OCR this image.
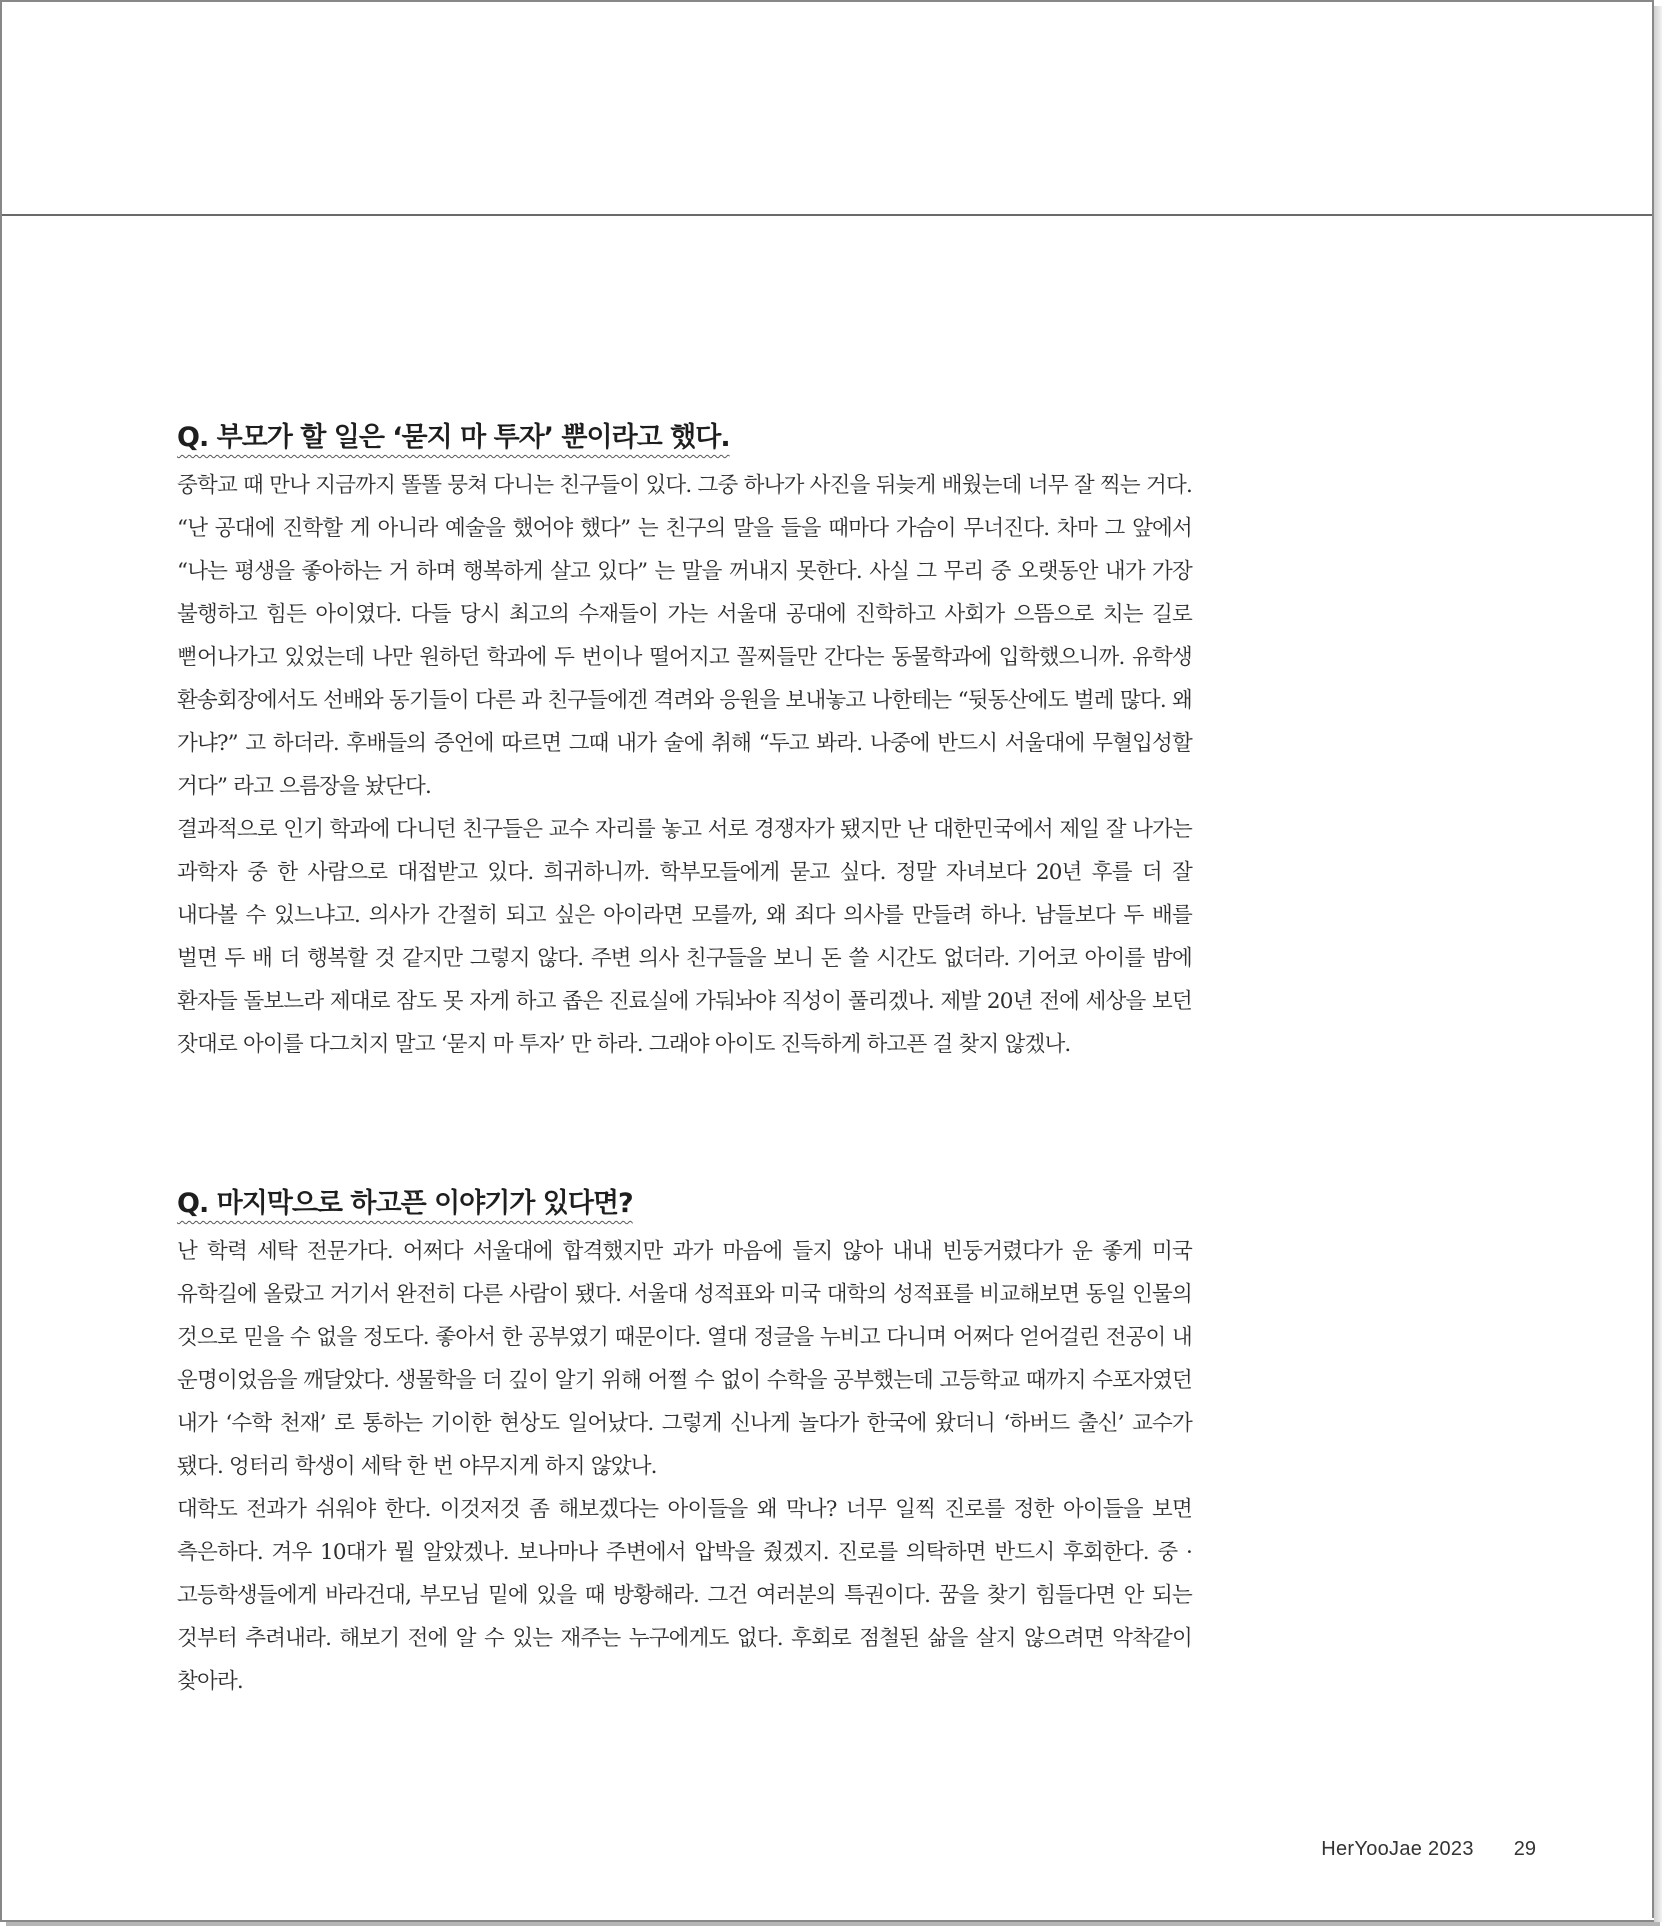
Q. 부모가 할 일은 ‘묻지 마 투자’ 뿐이라고 했다.

중학교 때 만나 지금까지 똘똘 뭉쳐 다니는 친구들이 있다. 그중 하나가 사진을 뒤늦게 배웠는데 너무 잘 찍는 거다. “난 공대에 진학할 게 아니라 예술을 했어야 했다” 는 친구의 말을 들을 때마다 가슴이 무너진다. 차마 그 앞에서 “나는 평생을 좋아하는 거 하며 행복하게 살고 있다” 는 말을 꺼내지 못한다. 사실 그 무리 중 오랫동안 내가 가장 불행하고 힘든 아이였다. 다들 당시 최고의 수재들이 가는 서울대 공대에 진학하고 사회가 으뜸으로 치는 길로 뻗어나가고 있었는데 나만 원하던 학과에 두 번이나 떨어지고 꼴찌들만 간다는 동물학과에 입학했으니까. 유학생 환송회장에서도 선배와 동기들이 다른 과 친구들에겐 격려와 응원을 보내놓고 나한테는 “뒷동산에도 벌레 많다. 왜 가냐?” 고 하더라. 후배들의 증언에 따르면 그때 내가 술에 취해 “두고 봐라. 나중에 반드시 서울대에 무혈입성할 거다” 라고 으름장을 놨단다.

결과적으로 인기 학과에 다니던 친구들은 교수 자리를 놓고 서로 경쟁자가 됐지만 난 대한민국에서 제일 잘 나가는 과학자 중 한 사람으로 대접받고 있다. 희귀하니까. 학부모들에게 묻고 싶다. 정말 자녀보다 20년 후를 더 잘 내다볼 수 있느냐고. 의사가 간절히 되고 싶은 아이라면 모를까, 왜 죄다 의사를 만들려 하나. 남들보다 두 배를 벌면 두 배 더 행복할 것 같지만 그렇지 않다. 주변 의사 친구들을 보니 돈 쓸 시간도 없더라. 기어코 아이를 밤에 환자들 돌보느라 제대로 잠도 못 자게 하고 좁은 진료실에 가둬놔야 직성이 풀리겠나. 제발 20년 전에 세상을 보던 잣대로 아이를 다그치지 말고 ‘묻지 마 투자’ 만 하라. 그래야 아이도 진득하게 하고픈 걸 찾지 않겠나.

Q. 마지막으로 하고픈 이야기가 있다면?

난 학력 세탁 전문가다. 어쩌다 서울대에 합격했지만 과가 마음에 들지 않아 내내 빈둥거렸다가 운 좋게 미국 유학길에 올랐고 거기서 완전히 다른 사람이 됐다. 서울대 성적표와 미국 대학의 성적표를 비교해보면 동일 인물의 것으로 믿을 수 없을 정도다. 좋아서 한 공부였기 때문이다. 열대 정글을 누비고 다니며 어쩌다 얻어걸린 전공이 내 운명이었음을 깨달았다. 생물학을 더 깊이 알기 위해 어쩔 수 없이 수학을 공부했는데 고등학교 때까지 수포자였던 내가 ‘수학 천재’ 로 통하는 기이한 현상도 일어났다. 그렇게 신나게 놀다가 한국에 왔더니 ‘하버드 출신’ 교수가 됐다. 엉터리 학생이 세탁 한 번 야무지게 하지 않았나.

대학도 전과가 쉬워야 한다. 이것저것 좀 해보겠다는 아이들을 왜 막나? 너무 일찍 진로를 정한 아이들을 보면 측은하다. 겨우 10대가 뭘 알았겠나. 보나마나 주변에서 압박을 줬겠지. 진로를 의탁하면 반드시 후회한다. 중 · 고등학생들에게 바라건대, 부모님 밑에 있을 때 방황해라. 그건 여러분의 특권이다. 꿈을 찾기 힘들다면 안 되는 것부터 추려내라. 해보기 전에 알 수 있는 재주는 누구에게도 없다. 후회로 점철된 삶을 살지 않으려면 악착같이 찾아라.

HerYooJae 2023 29
